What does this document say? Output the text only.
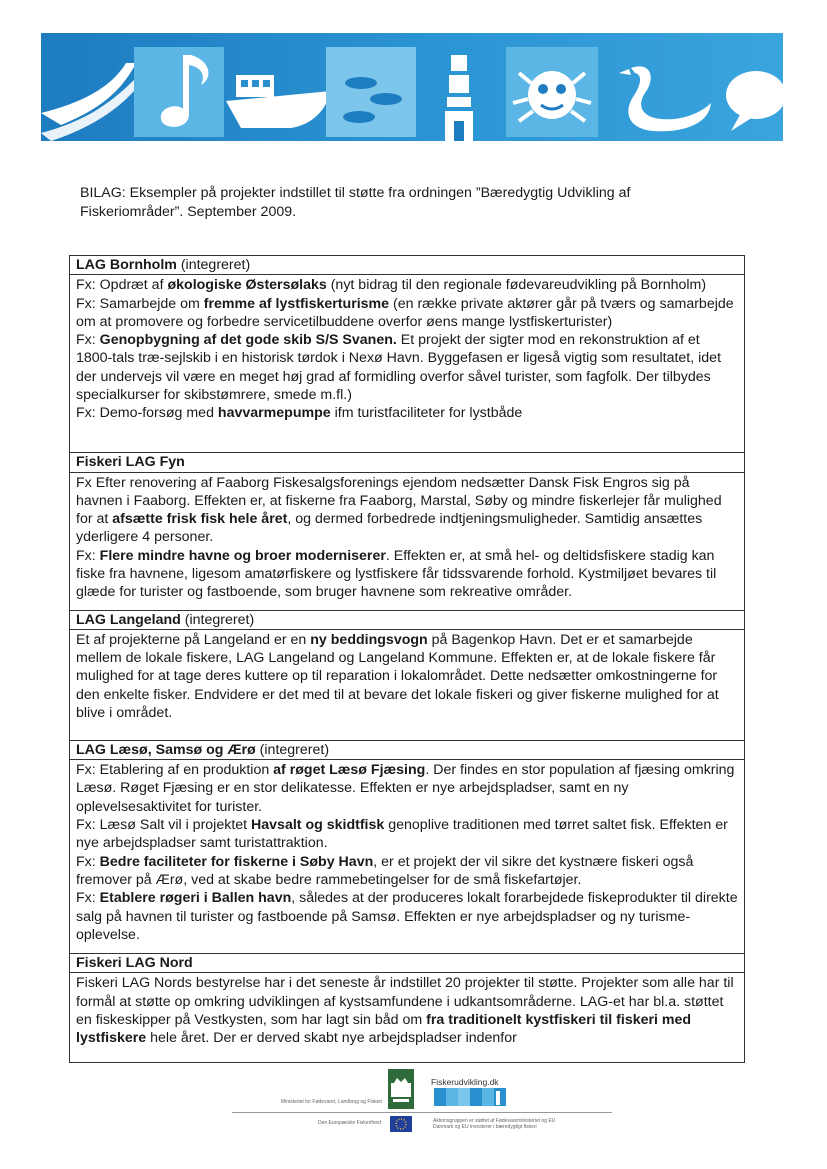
BILAG: Eksempler på projekter indstillet til støtte fra ordningen ”Bæredygtig Udvikling af Fiskeriområder”. September 2009.
LAG Bornholm (integreret)

Fx: Opdræt af økologiske Østersølaks (nyt bidrag til den regionale fødevareudvikling på Bornholm)
Fx: Samarbejde om fremme af lystfiskerturisme (en række private aktører går på tværs og samarbejde om at promovere og forbedre servicetilbuddene overfor øens mange lystfiskerturister)
Fx: Genopbygning af det gode skib S/S Svanen. Et projekt der sigter mod en rekonstruktion af et 1800-tals træ-sejlskib i en historisk tørdok i Nexø Havn. Byggefasen er ligeså vigtig som resultatet, idet der undervejs vil være en meget høj grad af formidling overfor såvel turister, som fagfolk. Der tilbydes specialkurser for skibstømrere, smede m.fl.)
Fx: Demo-forsøg med havvarmepumpe ifm turistfaciliteter for lystbåde

Fiskeri LAG Fyn

Fx Efter renovering af Faaborg Fiskesalgsforenings ejendom nedsætter Dansk Fisk Engros sig på havnen i Faaborg. Effekten er, at fiskerne fra Faaborg, Marstal, Søby og mindre fiskerlejer får mulighed for at afsætte frisk fisk hele året, og dermed forbedrede indtjeningsmuligheder. Samtidig ansættes yderligere 4 personer.
Fx: Flere mindre havne og broer moderniserer. Effekten er, at små hel- og deltidsfiskere stadig kan fiske fra havnene, ligesom amatørfiskere og lystfiskere får tidssvarende forhold. Kystmiljøet bevares til glæde for turister og fastboende, som bruger havnene som rekreative områder.

LAG Langeland (integreret)

Et af projekterne på Langeland er en ny beddingsvogn på Bagenkop Havn. Det er et samarbejde mellem de lokale fiskere, LAG Langeland og Langeland Kommune. Effekten er, at de lokale fiskere får mulighed for at tage deres kuttere op til reparation i lokalområdet. Dette nedsætter omkostningerne for den enkelte fisker. Endvidere er det med til at bevare det lokale fiskeri og giver fiskerne mulighed for at blive i området.

LAG Læsø, Samsø og Ærø (integreret)

Fx: Etablering af en produktion af røget Læsø Fjæsing. Der findes en stor population af fjæsing omkring Læsø. Røget Fjæsing er en stor delikatesse. Effekten er nye arbejdspladser, samt en ny oplevelsesaktivitet for turister.
Fx: Læsø Salt vil i projektet Havsalt og skidtfisk genoplive traditionen med tørret saltet fisk. Effekten er nye arbejdspladser samt turistattraktion.
Fx: Bedre faciliteter for fiskerne i Søby Havn, er et projekt der vil sikre det kystnære fiskeri også fremover på Ærø, ved at skabe bedre rammebetingelser for de små fiskefartøjer.
Fx: Etablere røgeri i Ballen havn, således at der produceres lokalt forarbejdede fiskeprodukter til direkte salg på havnen til turister og fastboende på Samsø. Effekten er nye arbejdspladser og ny turisme-oplevelse.

Fiskeri LAG Nord

Fiskeri LAG Nords bestyrelse har i det seneste år indstillet 20 projekter til støtte. Projekter som alle har til formål at støtte op omkring udviklingen af kystsamfundene i udkantsområderne. LAG-et har bl.a. støttet en fiskeskipper på Vestkysten, som har lagt sin båd om fra traditionelt kystfiskeri til fiskeri med lystfiskere hele året. Der er derved skabt nye arbejdspladser indenfor
Ministeriet for Fødevarer, Landbrug og Fiskeri
Den Europæiske Fiskerifond	Aktionsgruppen er støttet af Fødevareministeriet og EU Danmark og EU investerer i bæredygtigt fiskeri
Fiskerudvikling.dk
